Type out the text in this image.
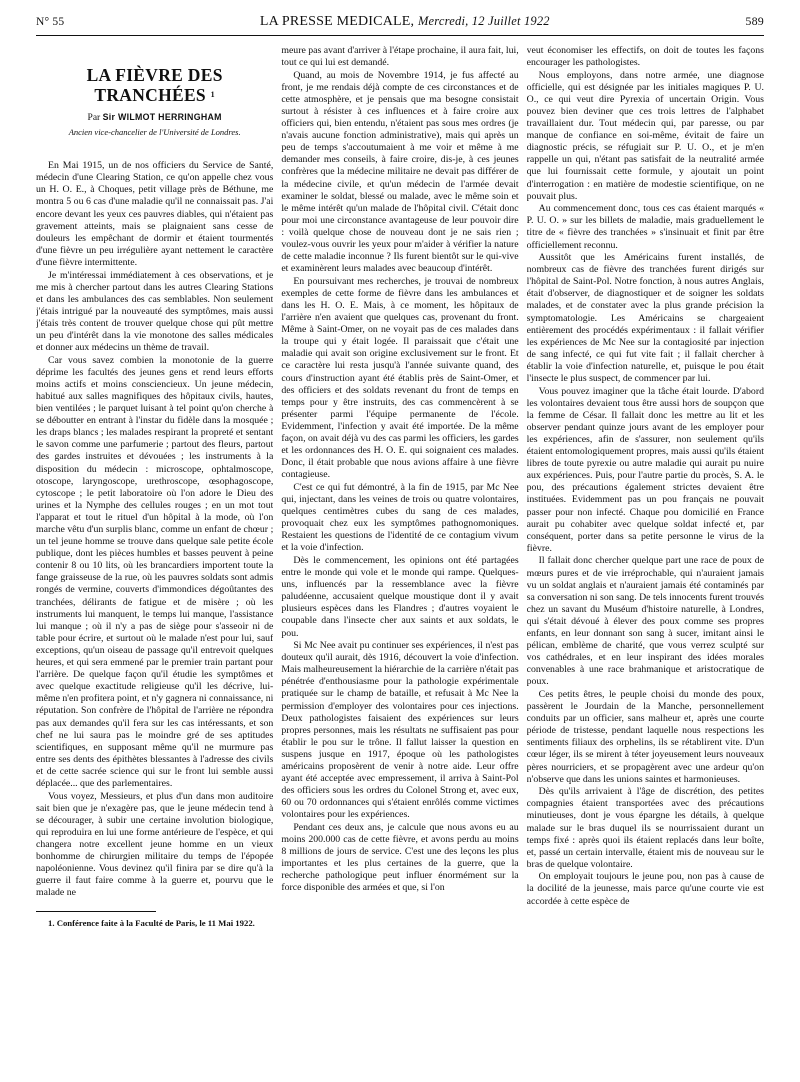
N° 55	LA PRESSE MEDICALE, Mercredi, 12 Juillet 1922	589
LA FIÈVRE DES TRANCHÉES $^1$
Par Sir WILMOT HERRINGHAM
Ancien vice-chancelier de l'Université de Londres.

En Mai 1915, un de nos officiers du Service de Santé, médecin d'une Clearing Station, ce qu'on appelle chez vous un H. O. E., à Choques, petit village près de Béthune, me montra 5 ou 6 cas d'une maladie qu'il ne connaissait pas. J'ai encore devant les yeux ces pauvres diables, qui n'étaient pas gravement atteints, mais se plaignaient sans cesse de douleurs les empêchant de dormir et étaient tourmentés d'une fièvre un peu irrégulière ayant nettement le caractère d'une fièvre intermittente.

Je m'intéressai immédiatement à ces observations, et je me mis à chercher partout dans les autres Clearing Stations et dans les ambulances des cas semblables. Non seulement j'étais intrigué par la nouveauté des symptômes, mais aussi j'étais très content de trouver quelque chose qui pût mettre un peu d'intérêt dans la vie monotone des salles médicales et donner aux médecins un thème de travail.

Car vous savez combien la monotonie de la guerre déprime les facultés des jeunes gens et rend leurs efforts moins actifs et moins consciencieux. Un jeune médecin, habitué aux salles magnifiques des hôpitaux civils, hautes, bien ventilées ; le parquet luisant à tel point qu'on cherche à se déboutter en entrant à l'instar du fidèle dans la mosquée ; les draps blancs ; les malades respirant la propreté et sentant le savon comme une parfumerie ; partout des fleurs, partout des gardes instruites et dévouées ; les instruments à la disposition du médecin : microscope, ophtalmoscope, otoscope, laryngoscope, urethroscope, œsophagoscope, cytoscope ; le petit laboratoire où l'on adore le Dieu des urines et la Nymphe des cellules rouges ; en un mot tout l'apparat et tout le rituel d'un hôpital à la mode, où l'on marche vêtu d'un surplis blanc, comme un enfant de chœur ; un tel jeune homme se trouve dans quelque sale petite école publique, dont les pièces humbles et basses peuvent à peine contenir 8 ou 10 lits, où les brancardiers importent toute la fange graisseuse de la rue, où les pauvres soldats sont admis rongés de vermine, couverts d'immondices dégoûtantes des tranchées, délirants de fatigue et de misère ; où les instruments lui manquent, le temps lui manque, l'assistance lui manque ; où il n'y a pas de siège pour s'asseoir ni de table pour écrire, et surtout où le malade n'est pour lui, sauf exceptions, qu'un oiseau de passage qu'il entrevoit quelques heures, et qui sera emmené par le premier train partant pour l'arrière. De quelque façon qu'il étudie les symptômes et avec quelque exactitude religieuse qu'il les décrive, lui-même n'en profitera point, et n'y gagnera ni connaissance, ni réputation. Son confrère de l'hôpital de l'arrière ne répondra pas aux demandes qu'il fera sur les cas intéressants, et son chef ne lui saura pas le moindre gré de ses aptitudes scientifiques, en supposant même qu'il ne murmure pas entre ses dents des épithètes blessantes à l'adresse des civils et de cette sacrée science qui sur le front lui semble aussi déplacée... que des parlementaires.

Vous voyez, Messieurs, et plus d'un dans mon auditoire sait bien que je n'exagère pas, que le jeune médecin tend à se décourager, à subir une certaine involution biologique, qui reproduira en lui une forme antérieure de l'espèce, et qui changera notre excellent jeune homme en un vieux bonhomme de chirurgien militaire du temps de l'épopée napoléonienne. Vous devinez qu'il finira par se dire qu'à la guerre il faut faire comme à la guerre et, pourvu que le malade ne

1. Conférence faite à la Faculté de Paris, le 11 Mai 1922.

meure pas avant d'arriver à l'étape prochaine, il aura fait, lui, tout ce qui lui est demandé.

Quand, au mois de Novembre 1914, je fus affecté au front, je me rendais déjà compte de ces circonstances et de cette atmosphère, et je pensais que ma besogne consistait surtout à résister à ces influences et à faire croire aux officiers qui, bien entendu, n'étaient pas sous mes ordres (je n'avais aucune fonction administrative), mais qui après un peu de temps s'accoutumaient à me voir et même à me demander mes conseils, à faire croire, dis-je, à ces jeunes confrères que la médecine militaire ne devait pas différer de la médecine civile, et qu'un médecin de l'armée devait examiner le soldat, blessé ou malade, avec le même soin et le même intérêt qu'un malade de l'hôpital civil. C'était donc pour moi une circonstance avantageuse de leur pouvoir dire : voilà quelque chose de nouveau dont je ne sais rien ; voulez-vous ouvrir les yeux pour m'aider à vérifier la nature de cette maladie inconnue ? Ils furent bientôt sur le qui-vive et examinèrent leurs malades avec beaucoup d'intérêt.

En poursuivant mes recherches, je trouvai de nombreux exemples de cette forme de fièvre dans les ambulances et dans les H. O. E. Mais, à ce moment, les hôpitaux de l'arrière n'en avaient que quelques cas, provenant du front. Même à Saint-Omer, on ne voyait pas de ces malades dans la troupe qui y était logée. Il paraissait que c'était une maladie qui avait son origine exclusivement sur le front. Et ce caractère lui resta jusqu'à l'année suivante quand, des cours d'instruction ayant été établis près de Saint-Omer, et des officiers et des soldats revenant du front de temps en temps pour y être instruits, des cas commencèrent à se présenter parmi l'équipe permanente de l'école. Evidemment, l'infection y avait été importée. De la même façon, on avait déjà vu des cas parmi les officiers, les gardes et les ordonnances des H. O. E. qui soignaient ces malades. Donc, il était probable que nous avions affaire à une fièvre contagieuse.

C'est ce qui fut démontré, à la fin de 1915, par Mc Nee qui, injectant, dans les veines de trois ou quatre volontaires, quelques centimètres cubes du sang de ces malades, provoquait chez eux les symptômes pathognomoniques. Restaient les questions de l'identité de ce contagium vivum et la voie d'infection.

Dès le commencement, les opinions ont été partagées entre le monde qui vole et le monde qui rampe. Quelques-uns, influencés par la ressemblance avec la fièvre paludéenne, accusaient quelque moustique dont il y avait plusieurs espèces dans les Flandres ; d'autres voyaient le coupable dans l'insecte cher aux saints et aux soldats, le pou.

Si Mc Nee avait pu continuer ses expériences, il n'est pas douteux qu'il aurait, dès 1916, découvert la voie d'infection. Mais malheureusement la hiérarchie de la carrière n'était pas pénétrée d'enthousiasme pour la pathologie expérimentale pratiquée sur le champ de bataille, et refusait à Mc Nee la permission d'employer des volontaires pour ces injections. Deux pathologistes faisaient des expériences sur leurs propres personnes, mais les résultats ne suffisaient pas pour établir le pou sur le trône. Il fallut laisser la question en suspens jusque en 1917, époque où les pathologistes américains proposèrent de venir à notre aide. Leur offre ayant été acceptée avec empressement, il arriva à Saint-Pol des officiers sous les ordres du Colonel Strong et, avec eux, 60 ou 70 ordonnances qui s'étaient enrôlés comme victimes volontaires pour les expériences.

Pendant ces deux ans, je calcule que nous avons eu au moins 200.000 cas de cette fièvre, et avons perdu au moins 8 millions de jours de service. C'est une des leçons les plus importantes et les plus certaines de la guerre, que la recherche pathologique peut influer énormément sur la force disponible des armées et que, si l'on

veut économiser les effectifs, on doit de toutes les façons encourager les pathologistes.

Nous employons, dans notre armée, une diagnose officielle, qui est désignée par les initiales magiques P. U. O., ce qui veut dire Pyrexia of uncertain Origin. Vous pouvez bien deviner que ces trois lettres de l'alphabet travaillaient dur. Tout médecin qui, par paresse, ou par manque de confiance en soi-même, évitait de faire un diagnostic précis, se réfugiait sur P. U. O., et je m'en rappelle un qui, n'étant pas satisfait de la neutralité armée que lui fournissait cette formule, y ajoutait un point d'interrogation : en matière de modestie scientifique, on ne pouvait plus.

Au commencement donc, tous ces cas étaient marqués « P. U. O. » sur les billets de maladie, mais graduellement le titre de « fièvre des tranchées » s'insinuait et finit par être officiellement reconnu.

Aussitôt que les Américains furent installés, de nombreux cas de fièvre des tranchées furent dirigés sur l'hôpital de Saint-Pol. Notre fonction, à nous autres Anglais, était d'observer, de diagnostiquer et de soigner les soldats malades, et de constater avec la plus grande précision la symptomatologie. Les Américains se chargeaient entièrement des procédés expérimentaux : il fallait vérifier les expériences de Mc Nee sur la contagiosité par injection de sang infecté, ce qui fut vite fait ; il fallait chercher à établir la voie d'infection naturelle, et, puisque le pou était l'insecte le plus suspect, de commencer par lui.

Vous pouvez imaginer que la tâche était lourde. D'abord les volontaires devaient tous être aussi hors de soupçon que la femme de César. Il fallait donc les mettre au lit et les observer pendant quinze jours avant de les employer pour les expériences, afin de s'assurer, non seulement qu'ils étaient entomologiquement propres, mais aussi qu'ils étaient libres de toute pyrexie ou autre maladie qui aurait pu nuire aux expériences. Puis, pour l'autre partie du procès, S. A. le pou, des précautions également strictes devaient être instituées. Evidemment pas un pou français ne pouvait passer pour non infecté. Chaque pou domicilié en France aurait pu cohabiter avec quelque soldat infecté et, par conséquent, porter dans sa petite personne le virus de la fièvre.

Il fallait donc chercher quelque part une race de poux de mœurs pures et de vie irréprochable, qui n'auraient jamais vu un soldat anglais et n'auraient jamais été contaminés par sa conversation ni son sang. De tels innocents furent trouvés chez un savant du Muséum d'histoire naturelle, à Londres, qui s'était dévoué à élever des poux comme ses propres enfants, en leur donnant son sang à sucer, imitant ainsi le pélican, emblème de charité, que vous verrez sculpté sur vos cathédrales, et en leur inspirant des idées morales convenables à une race brahmanique et aristocratique de poux.

Ces petits êtres, le peuple choisi du monde des poux, passèrent le Jourdain de la Manche, personnellement conduits par un officier, sans malheur et, après une courte période de tristesse, pendant laquelle nous respections les sentiments filiaux des orphelins, ils se rétablirent vite. D'un cœur léger, ils se mirent à téter joyeusement leurs nouveaux pères nourriciers, et se propagèrent avec une ardeur qu'on n'observe que dans les unions saintes et harmonieuses.

Dès qu'ils arrivaient à l'âge de discrétion, des petites compagnies étaient transportées avec des précautions minutieuses, dont je vous épargne les détails, à quelque malade sur le bras duquel ils se nourrissaient durant un temps fixé : après quoi ils étaient replacés dans leur boîte, et, passé un certain intervalle, étaient mis de nouveau sur le bras de quelque volontaire.

On employait toujours le jeune pou, non pas à cause de la docilité de la jeunesse, mais parce qu'une courte vie est accordée à cette espèce de
